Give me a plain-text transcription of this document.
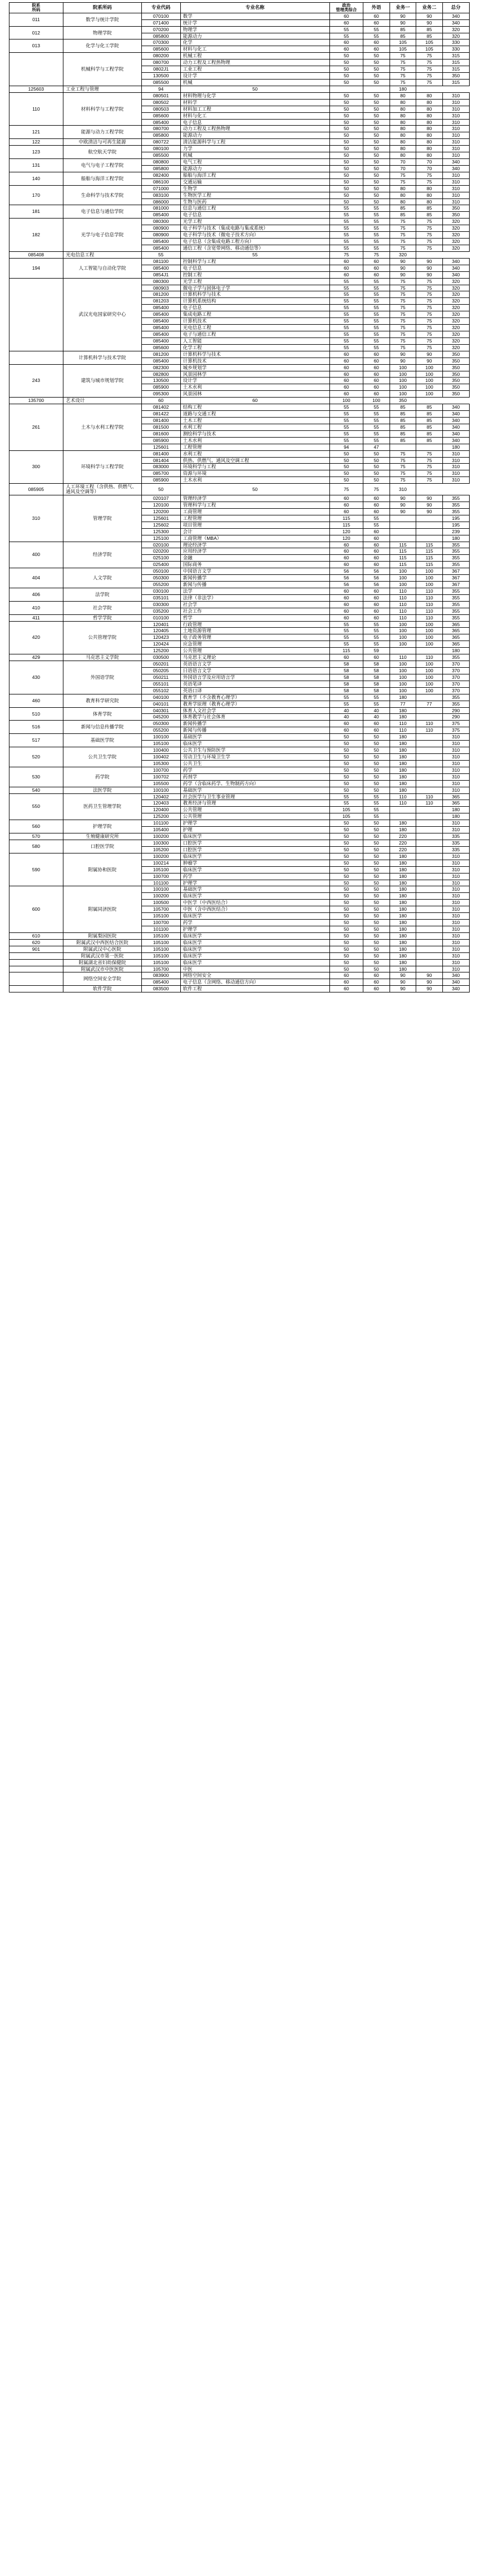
院系
所码	院系所码	专业代码	专业名称	政治
管理类综合	外语	业务一	业务二	总分
011	数学与统计学院	070100	数学	60	60	90	90	340
		071400	统计学	60	60	90	90	340
012	物理学院	070200	物理学	55	55	85	85	320
		085800	能源动力	55	55	85	85	320
013	化学与化工学院	070300	化学	60	60	105	105	330
		085600	材料与化工	60	60	105	105	330
	机械科学与工程学院	080200	机械工程	50	50	75	75	315
		080700	动力工程及工程热物理	50	50	75	75	315
		0802J1	工业工程	50	50	75	75	315
		130500	设计学	50	50	75	75	350
		085500	机械	50	50	75	75	315
125603	工业工程与管理	94	50			180		
110	材料科学与工程学院	080501	材料物理与化学	50	50	80	80	310
		080502	材料学	50	50	80	80	310
		080503	材料加工工程	50	50	80	80	310
		085600	材料与化工	50	50	80	80	310
		085400	电子信息	50	50	80	80	310
121	能源与动力工程学院	080700	动力工程及工程热物理	50	50	80	80	310
		085800	能源动力	50	50	80	80	310
122	中欧清洁与可再生能源	080722	清洁能源科学与工程	50	50	80	80	310
123	航空航天学院	080100	力学	50	50	80	80	310
		085500	机械	50	50	80	80	310
131	电气与电子工程学院	080800	电气工程	50	50	70	70	340
		085800	能源动力	50	50	70	70	340
140	船舶与海洋工程学院	082400	船舶与海洋工程	50	50	75	75	310
		086100	交通运输	50	50	75	75	310
170	生命科学与技术学院	071000	生物学	50	50	80	80	310
		083100	生物医学工程	50	50	80	80	310
		086000	生物与医药	50	50	80	80	310
181	电子信息与通信学院	081000	信息与通信工程	55	55	85	85	350
		085400	电子信息	55	55	85	85	350
182	光学与电子信息学院	080300	光学工程	55	55	75	75	320
		080900	电子科学与技术（集成电路与集成系统）	55	55	75	75	320
		080900	电子科学与技术（微电子技术方向）	55	55	75	75	320
		085400	电子信息（含集成电路工程方向）	55	55	75	75	320
		085400	通信工程（含宽带网络、移动通信等）	55	55	75	75	320
085408	光电信息工程	55	55	75	75	320		
194	人工智能与自动化学院	081100	控制科学与工程	60	60	90	90	340
		085400	电子信息	60	60	90	90	340
		0854J1	控制工程	60	60	90	90	340
	武汉光电国家研究中心	080300	光学工程	55	55	75	75	320
		080903	微电子学与固体电子学	55	55	75	75	320
		081200	计算机科学与技术	55	55	75	75	320
		081203	计算机系统结构	55	55	75	75	320
		085400	电子信息	55	55	75	75	320
		085400	集成电路工程	55	55	75	75	320
		085400	计算机技术	55	55	75	75	320
		085400	光电信息工程	55	55	75	75	320
		085400	电子与通信工程	55	55	75	75	320
		085400	人工智能	55	55	75	75	320
		085600	化学工程	55	55	75	75	320
	计算机科学与技术学院	081200	计算机科学与技术	60	60	90	90	350
		085400	计算机技术	60	60	90	90	350
243	建筑与城市规划学院	082300	城乡规划学	60	60	100	100	350
		082800	风景园林学	60	60	100	100	350
		130500	设计学	60	60	100	100	350
		085900	土木水利	60	60	100	100	350
		095300	风景园林	60	60	100	100	350
135700	艺术设计	60	60	100	100	350		
261	土木与水利工程学院	081402	结构工程	55	55	85	85	340
		081422	道路与交通工程	55	55	85	85	340
		081400	土木工程	55	55	85	85	340
		081500	水利工程	55	55	85	85	340
		081600	测绘科学与技术	55	55	85	85	340
		085900	土木水利	55	55	85	85	340
		125601	工程管理	94	47			180
300	环境科学与工程学院	081400	水利工程	50	50	75	75	310
		081404	供热、供燃气、通风及空调工程	50	50	75	75	310
		083000	环境科学与工程	50	50	75	75	310
		085700	资源与环境	50	50	75	75	310
		085900	土木水利	50	50	75	75	310
085905	人工环境工程（含供热、供燃气、通风及空调等）	50	50	75	75	310		
310	管理学院	020107	管理经济学	60	60	90	90	355
		120100	管理科学与工程	60	60	90	90	355
		120200	工商管理	60	60	90	90	355
		125601	工程管理	115	55			195
		125602	项目管理	115	55			195
		125300	会计	120	60			239
		125100	工商管理（MBA）	120	60			180
400	经济学院	020100	理论经济学	60	60	115	115	355
		020200	应用经济学	60	60	115	115	355
		025100	金融	60	60	115	115	355
		025400	国际商务	60	60	115	115	355
404	人文学院	050100	中国语言文学	56	56	100	100	367
		050300	新闻传播学	56	56	100	100	367
		055200	新闻与传播	56	56	100	100	367
406	法学院	030100	法学	60	60	110	110	355
		035101	法律（非法学）	60	60	110	110	355
410	社会学院	030300	社会学	60	60	110	110	355
		035200	社会工作	60	60	110	110	355
411	哲学学院	010100	哲学	60	60	110	110	355
420	公共管理学院	120401	行政管理	55	55	100	100	365
		120405	土地资源管理	55	55	100	100	365
		120423	电子政务管理	55	55	100	100	365
		120424	应急管理	55	55	100	100	365
		125200	公共管理	115	59			180
429	马克思主义学院	030500	马克思主义理论	60	60	110	110	355
430	外国语学院	050201	英语语言文学	58	58	100	100	370
		050205	日语语言文学	58	58	100	100	370
		050211	外国语言学及应用语言学	58	58	100	100	370
		055101	英语笔译	58	58	100	100	370
		055102	英语口译	58	58	100	100	370
460	教育科学研究院	040100	教育学（不含教育心理学）	55	55	180		355
		040101	教育学原理（教育心理学）	55	55	77	77	355
510	体育学院	040301	体育人文社会学	40	40	180		290
		045200	体育教学与社会体育	40	40	180		290
516	新闻与信息传播学院	050300	新闻传播学	60	60	110	110	375
		055200	新闻与传播	60	60	110	110	375
517	基础医学院	100100	基础医学	50	50	180		310
		105100	临床医学	50	50	180		310
520	公共卫生学院	100400	公共卫生与预防医学	50	50	180		310
		100402	劳动卫生与环境卫生学	50	50	180		310
		105300	公共卫生	50	50	180		310
530	药学院	100700	药学	50	50	180		310
		100702	药剂学	50	50	180		310
		105500	药学（含临床药学、生物制药方向）	50	50	180		310
540	法医学院	100100	基础医学	50	50	180		310
550	医药卫生管理学院	120402	社会医学与卫生事业管理	55	55	110	110	365
		120403	教育经济与管理	55	55	110	110	365
		120400	公共管理	105	55			180
		125200	公共管理	105	55			180
560	护理学院	101100	护理学	50	50	180		310
		105400	护理	50	50	180		310
570	生殖健康研究所	100200	临床医学	50	50	220		335
580	口腔医学院	100300	口腔医学	50	50	220		335
		105200	口腔医学	50	50	220		335
590	附属协和医院	100200	临床医学	50	50	180		310
		100214	肿瘤学	50	50	180		310
		105100	临床医学	50	50	180		310
		100700	药学	50	50	180		310
		101100	护理学	50	50	180		310
600	附属同济医院	100100	基础医学	50	50	180		310
		100200	临床医学	50	50	180		310
		100500	中医学（中西医结合）	50	50	180		310
		105700	中医（含中西医结合）	50	50	180		310
		105100	临床医学	50	50	180		310
		100700	药学	50	50	180		310
		101100	护理学	50	50	180		310
610	附属梨园医院	105100	临床医学	50	50	180		310
620	附属武汉中西医结合医院	105100	临床医学	50	50	180		310
901	附属武汉中心医院	105100	临床医学	50	50	180		310
	附属武汉市第一医院	105100	临床医学	50	50	180		310
	附属湖北省妇幼保健院	105100	临床医学	50	50	180		310
	附属武汉市中医医院	105700	中医	50	50	180		310
	网络空间安全学院	083900	网络空间安全	60	60	90	90	340
		085400	电子信息（含网络、移动通信方向）	60	60	90	90	340
	软件学院	083500	软件工程	60	60	90	90	340
